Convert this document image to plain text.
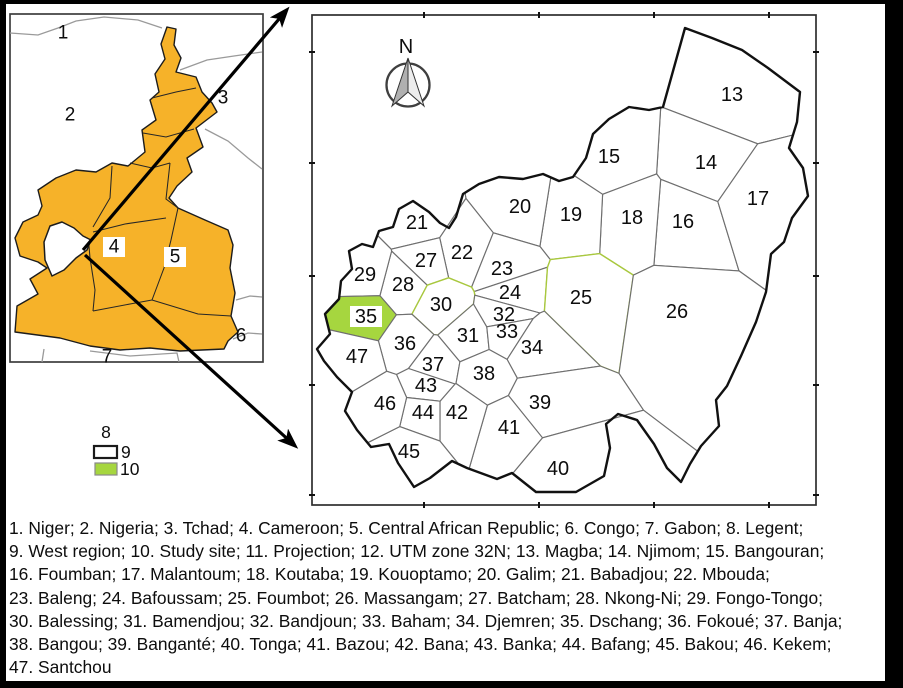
1
2
3
4	5
6
7
8
9
10
N
13
14
15
16
17
18
19
20
21
22
23
24 25
26
27
28
29
30
31
32
33
34
35
36
37 38
39
40
41
42
43
44
45
46
47
1. Niger; 2. Nigeria; 3. Tchad; 4. Cameroon; 5. Central African Republic; 6. Congo; 7. Gabon; 8. Legent;
9. West region; 10. Study site; 11. Projection; 12. UTM zone 32N; 13. Magba; 14. Njimom; 15. Bangouran;
16. Foumban; 17. Malantoum; 18. Koutaba; 19. Kouoptamo; 20. Galim; 21. Babadjou; 22. Mbouda;
23. Baleng; 24. Bafoussam; 25. Foumbot; 26. Massangam; 27. Batcham; 28. Nkong-Ni; 29. Fongo-Tongo;
30. Balessing; 31. Bamendjou; 32. Bandjoun; 33. Baham; 34. Djemren; 35. Dschang; 36. Fokoué; 37. Banja;
38. Bangou; 39. Banganté; 40. Tonga; 41. Bazou; 42. Bana; 43. Banka; 44. Bafang; 45. Bakou; 46. Kekem;
47. Santchou
